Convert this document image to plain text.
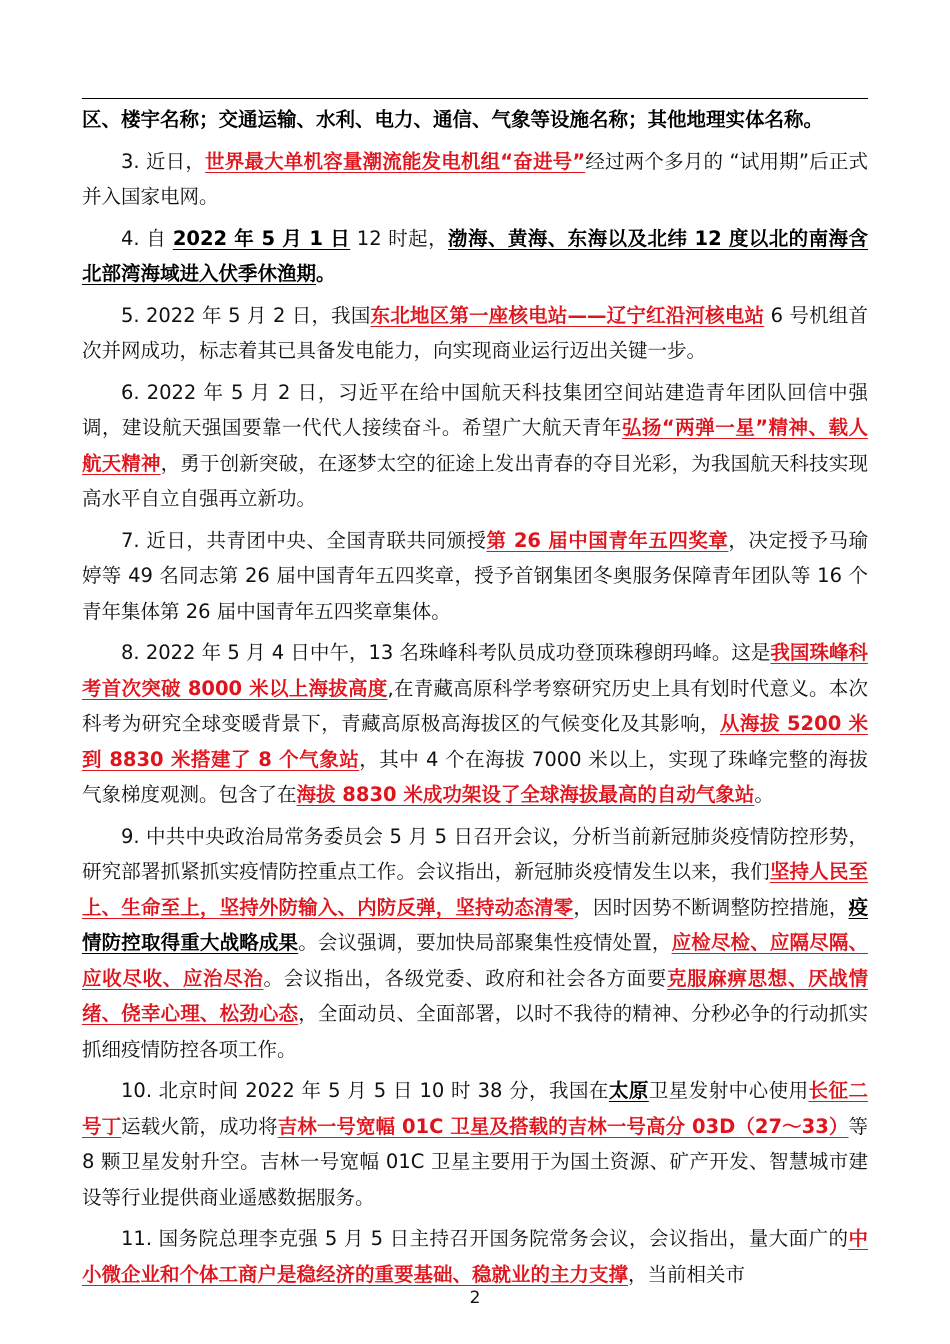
区、楼宇名称；交通运输、水利、电力、通信、气象等设施名称；其他地理实体名称。

3. 近日，世界最大单机容量潮流能发电机组“奋进号”经过两个多月的 “试用期”后正式并入国家电网。

4. 自 2022 年 5 月 1 日 12 时起，渤海、黄海、东海以及北纬 12 度以北的南海含北部湾海域进入伏季休渔期。

5. 2022 年 5 月 2 日，我国东北地区第一座核电站——辽宁红沿河核电站 6 号机组首次并网成功，标志着其已具备发电能力，向实现商业运行迈出关键一步。

6. 2022 年 5 月 2 日，习近平在给中国航天科技集团空间站建造青年团队回信中强调，建设航天强国要靠一代代人接续奋斗。希望广大航天青年弘扬“两弹一星”精神、载人航天精神，勇于创新突破，在逐梦太空的征途上发出青春的夺目光彩，为我国航天科技实现高水平自立自强再立新功。

7. 近日，共青团中央、全国青联共同颁授第 26 届中国青年五四奖章，决定授予马瑜婷等 49 名同志第 26 届中国青年五四奖章，授予首钢集团冬奥服务保障青年团队等 16 个青年集体第 26 届中国青年五四奖章集体。

8. 2022 年 5 月 4 日中午，13 名珠峰科考队员成功登顶珠穆朗玛峰。这是我国珠峰科考首次突破 8000 米以上海拔高度,在青藏高原科学考察研究历史上具有划时代意义。本次科考为研究全球变暖背景下，青藏高原极高海拔区的气候变化及其影响，从海拔 5200 米到 8830 米搭建了 8 个气象站，其中 4 个在海拔 7000 米以上，实现了珠峰完整的海拔气象梯度观测。包含了在海拔 8830 米成功架设了全球海拔最高的自动气象站。

9. 中共中央政治局常务委员会 5 月 5 日召开会议，分析当前新冠肺炎疫情防控形势，研究部署抓紧抓实疫情防控重点工作。会议指出，新冠肺炎疫情发生以来，我们坚持人民至上、生命至上，坚持外防输入、内防反弹，坚持动态清零，因时因势不断调整防控措施，疫情防控取得重大战略成果。会议强调，要加快局部聚集性疫情处置，应检尽检、应隔尽隔、应收尽收、应治尽治。会议指出，各级党委、政府和社会各方面要克服麻痹思想、厌战情绪、侥幸心理、松劲心态，全面动员、全面部署，以时不我待的精神、分秒必争的行动抓实抓细疫情防控各项工作。

10. 北京时间 2022 年 5 月 5 日 10 时 38 分，我国在太原卫星发射中心使用长征二号丁运载火箭，成功将吉林一号宽幅 01C 卫星及搭载的吉林一号高分 03D（27～33）等 8 颗卫星发射升空。吉林一号宽幅 01C 卫星主要用于为国土资源、矿产开发、智慧城市建设等行业提供商业遥感数据服务。

11. 国务院总理李克强 5 月 5 日主持召开国务院常务会议，会议指出，量大面广的中小微企业和个体工商户是稳经济的重要基础、稳就业的主力支撑，当前相关市

2
